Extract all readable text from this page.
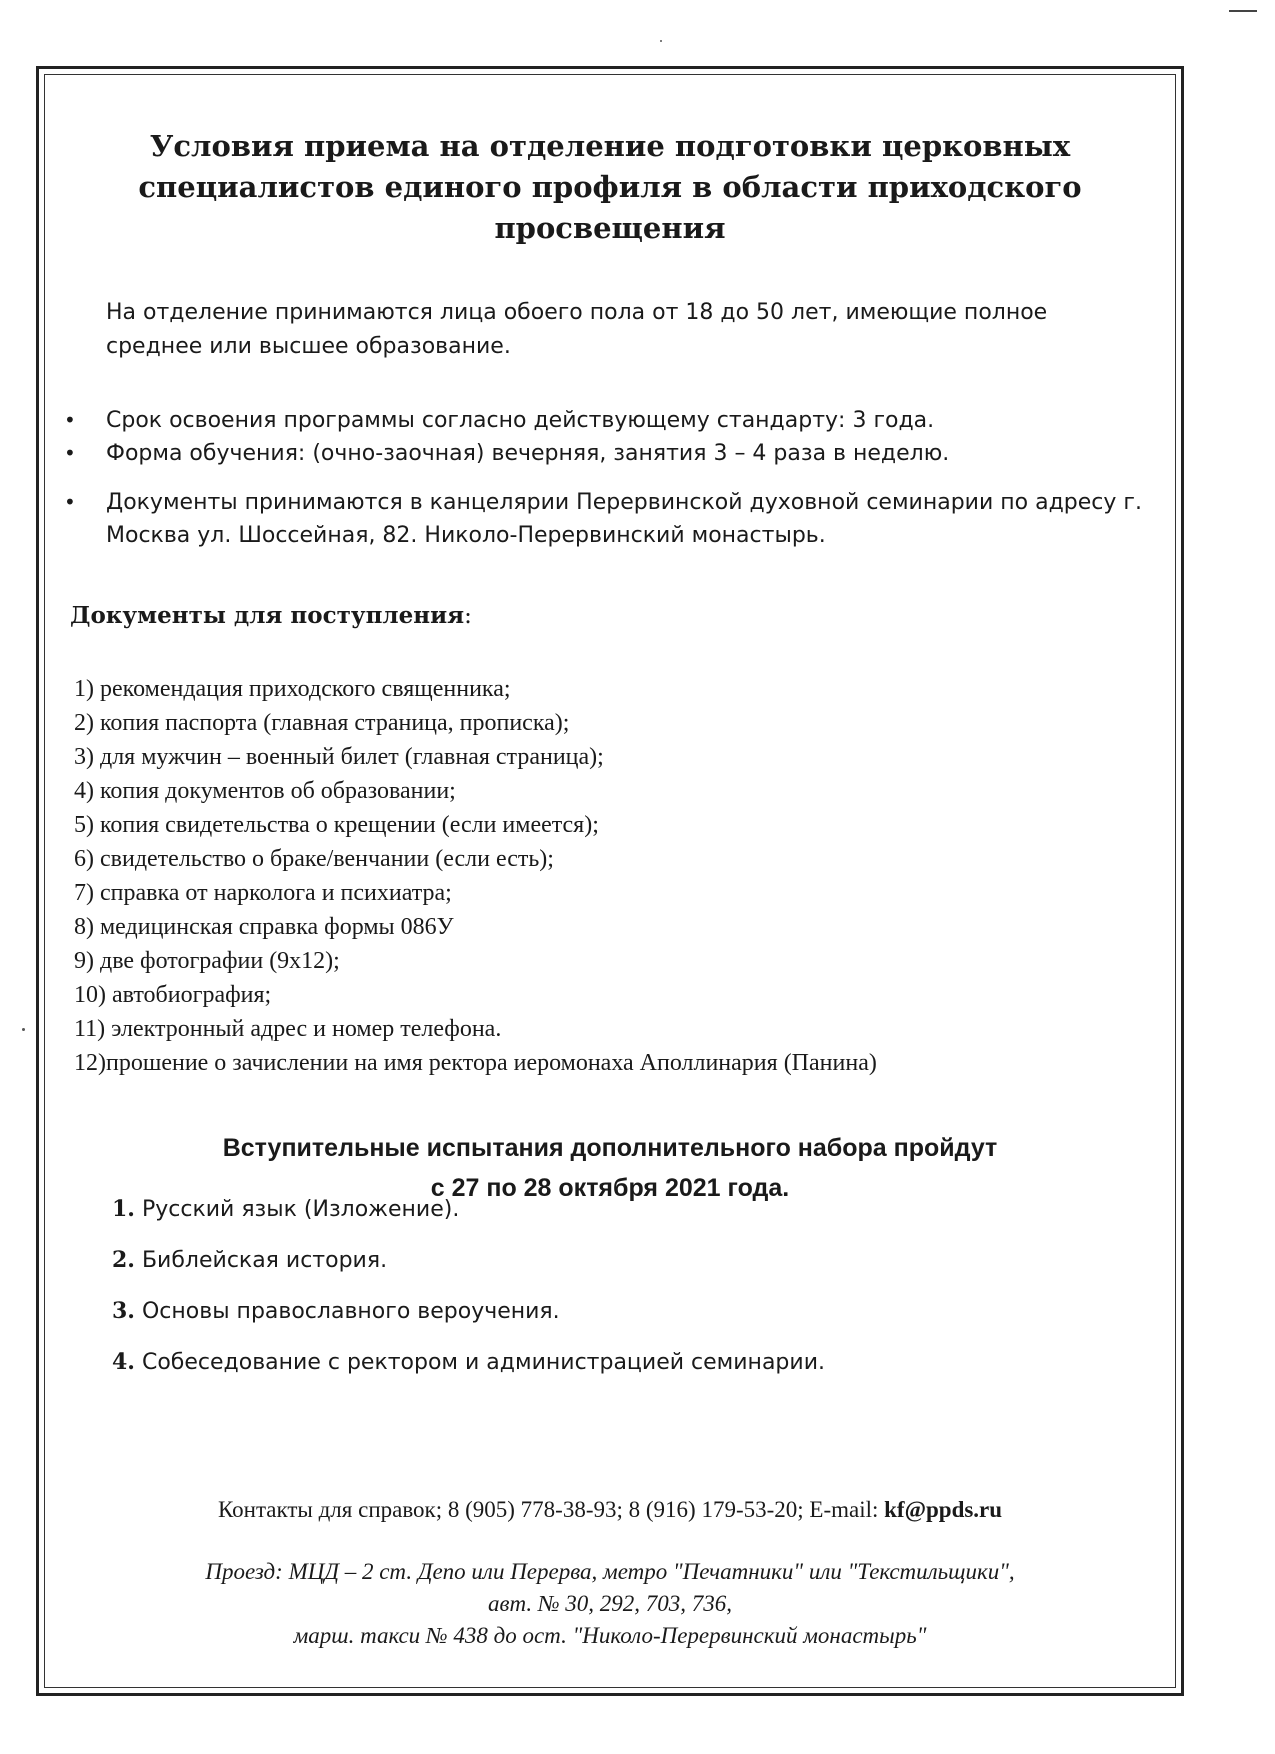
Условия приема на отделение подготовки церковных
специалистов единого профиля в области приходского
просвещения

На отделение принимаются лица обоего пола от 18 до 50 лет, имеющие полное среднее или высшее образование.

• Срок освоения программы согласно действующему стандарту: 3 года.
• Форма обучения: (очно-заочная) вечерняя, занятия 3 – 4 раза в неделю.
• Документы принимаются в канцелярии Перервинской духовной семинарии по адресу г. Москва ул. Шоссейная, 82. Николо-Перервинский монастырь.
Документы для поступления:
1) рекомендация приходского священника;
2) копия паспорта (главная страница, прописка);
3) для мужчин – военный билет (главная страница);
4) копия документов об образовании;
5) копия свидетельства о крещении (если имеется);
6) свидетельство о браке/венчании (если есть);
7) справка от нарколога и психиатра;
8) медицинская справка формы 086У
9) две фотографии (9х12);
10) автобиография;
11) электронный адрес и номер телефона.
12)прошение о зачислении на имя ректора иеромонаха Аполлинария (Панина)
Вступительные испытания дополнительного набора пройдут
с 27 по 28 октября 2021 года.
1. Русский язык (Изложение).
2. Библейская история.
3. Основы православного вероучения.
4. Собеседование с ректором и администрацией семинарии.

Контакты для справок; 8 (905) 778-38-93; 8 (916) 179-53-20; E-mail: kf@ppds.ru

Проезд: МЦД – 2 ст. Депо или Перерва, метро "Печатники" или "Текстильщики",
авт. № 30, 292, 703, 736,
марш. такси № 438 до ост. "Николо-Перервинский монастырь"
